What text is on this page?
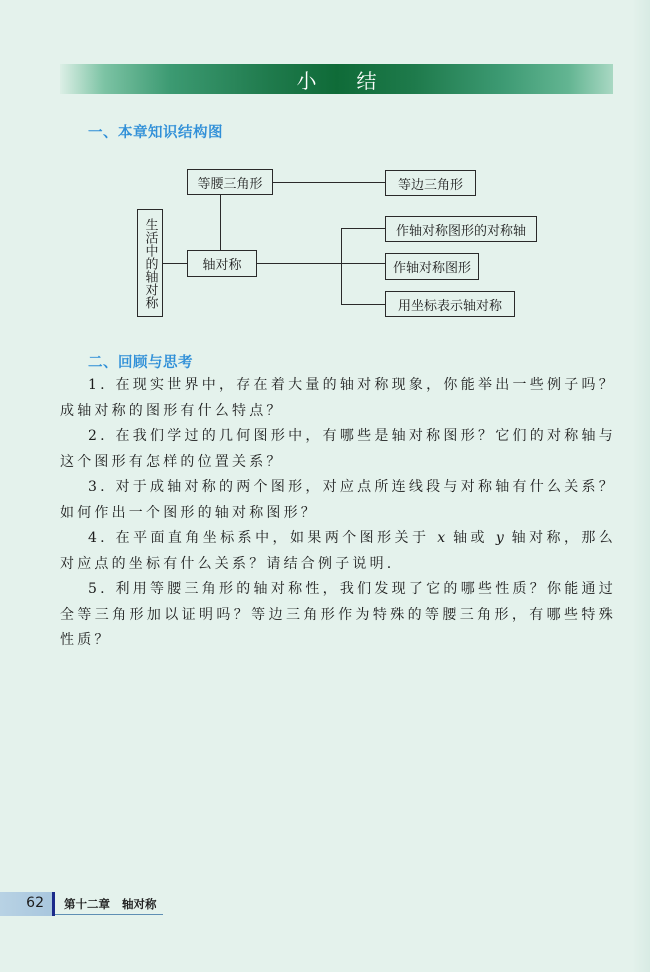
小结
一、本章知识结构图
生活中的轴对称
等腰三角形
轴对称
等边三角形
作轴对称图形的对称轴
作轴对称图形
用坐标表示轴对称
二、回顾与思考

1. 在现实世界中，存在着大量的轴对称现象，你能举出一些例子吗？成轴对称的图形有什么特点？

2. 在我们学过的几何图形中，有哪些是轴对称图形？它们的对称轴与这个图形有怎样的位置关系？

3. 对于成轴对称的两个图形，对应点所连线段与对称轴有什么关系？如何作出一个图形的轴对称图形？

4. 在平面直角坐标系中，如果两个图形关于 x 轴或 y 轴对称，那么对应点的坐标有什么关系？请结合例子说明.

5. 利用等腰三角形的轴对称性，我们发现了它的哪些性质？你能通过全等三角形加以证明吗？等边三角形作为特殊的等腰三角形，有哪些特殊性质？

62 第十二章 轴对称
